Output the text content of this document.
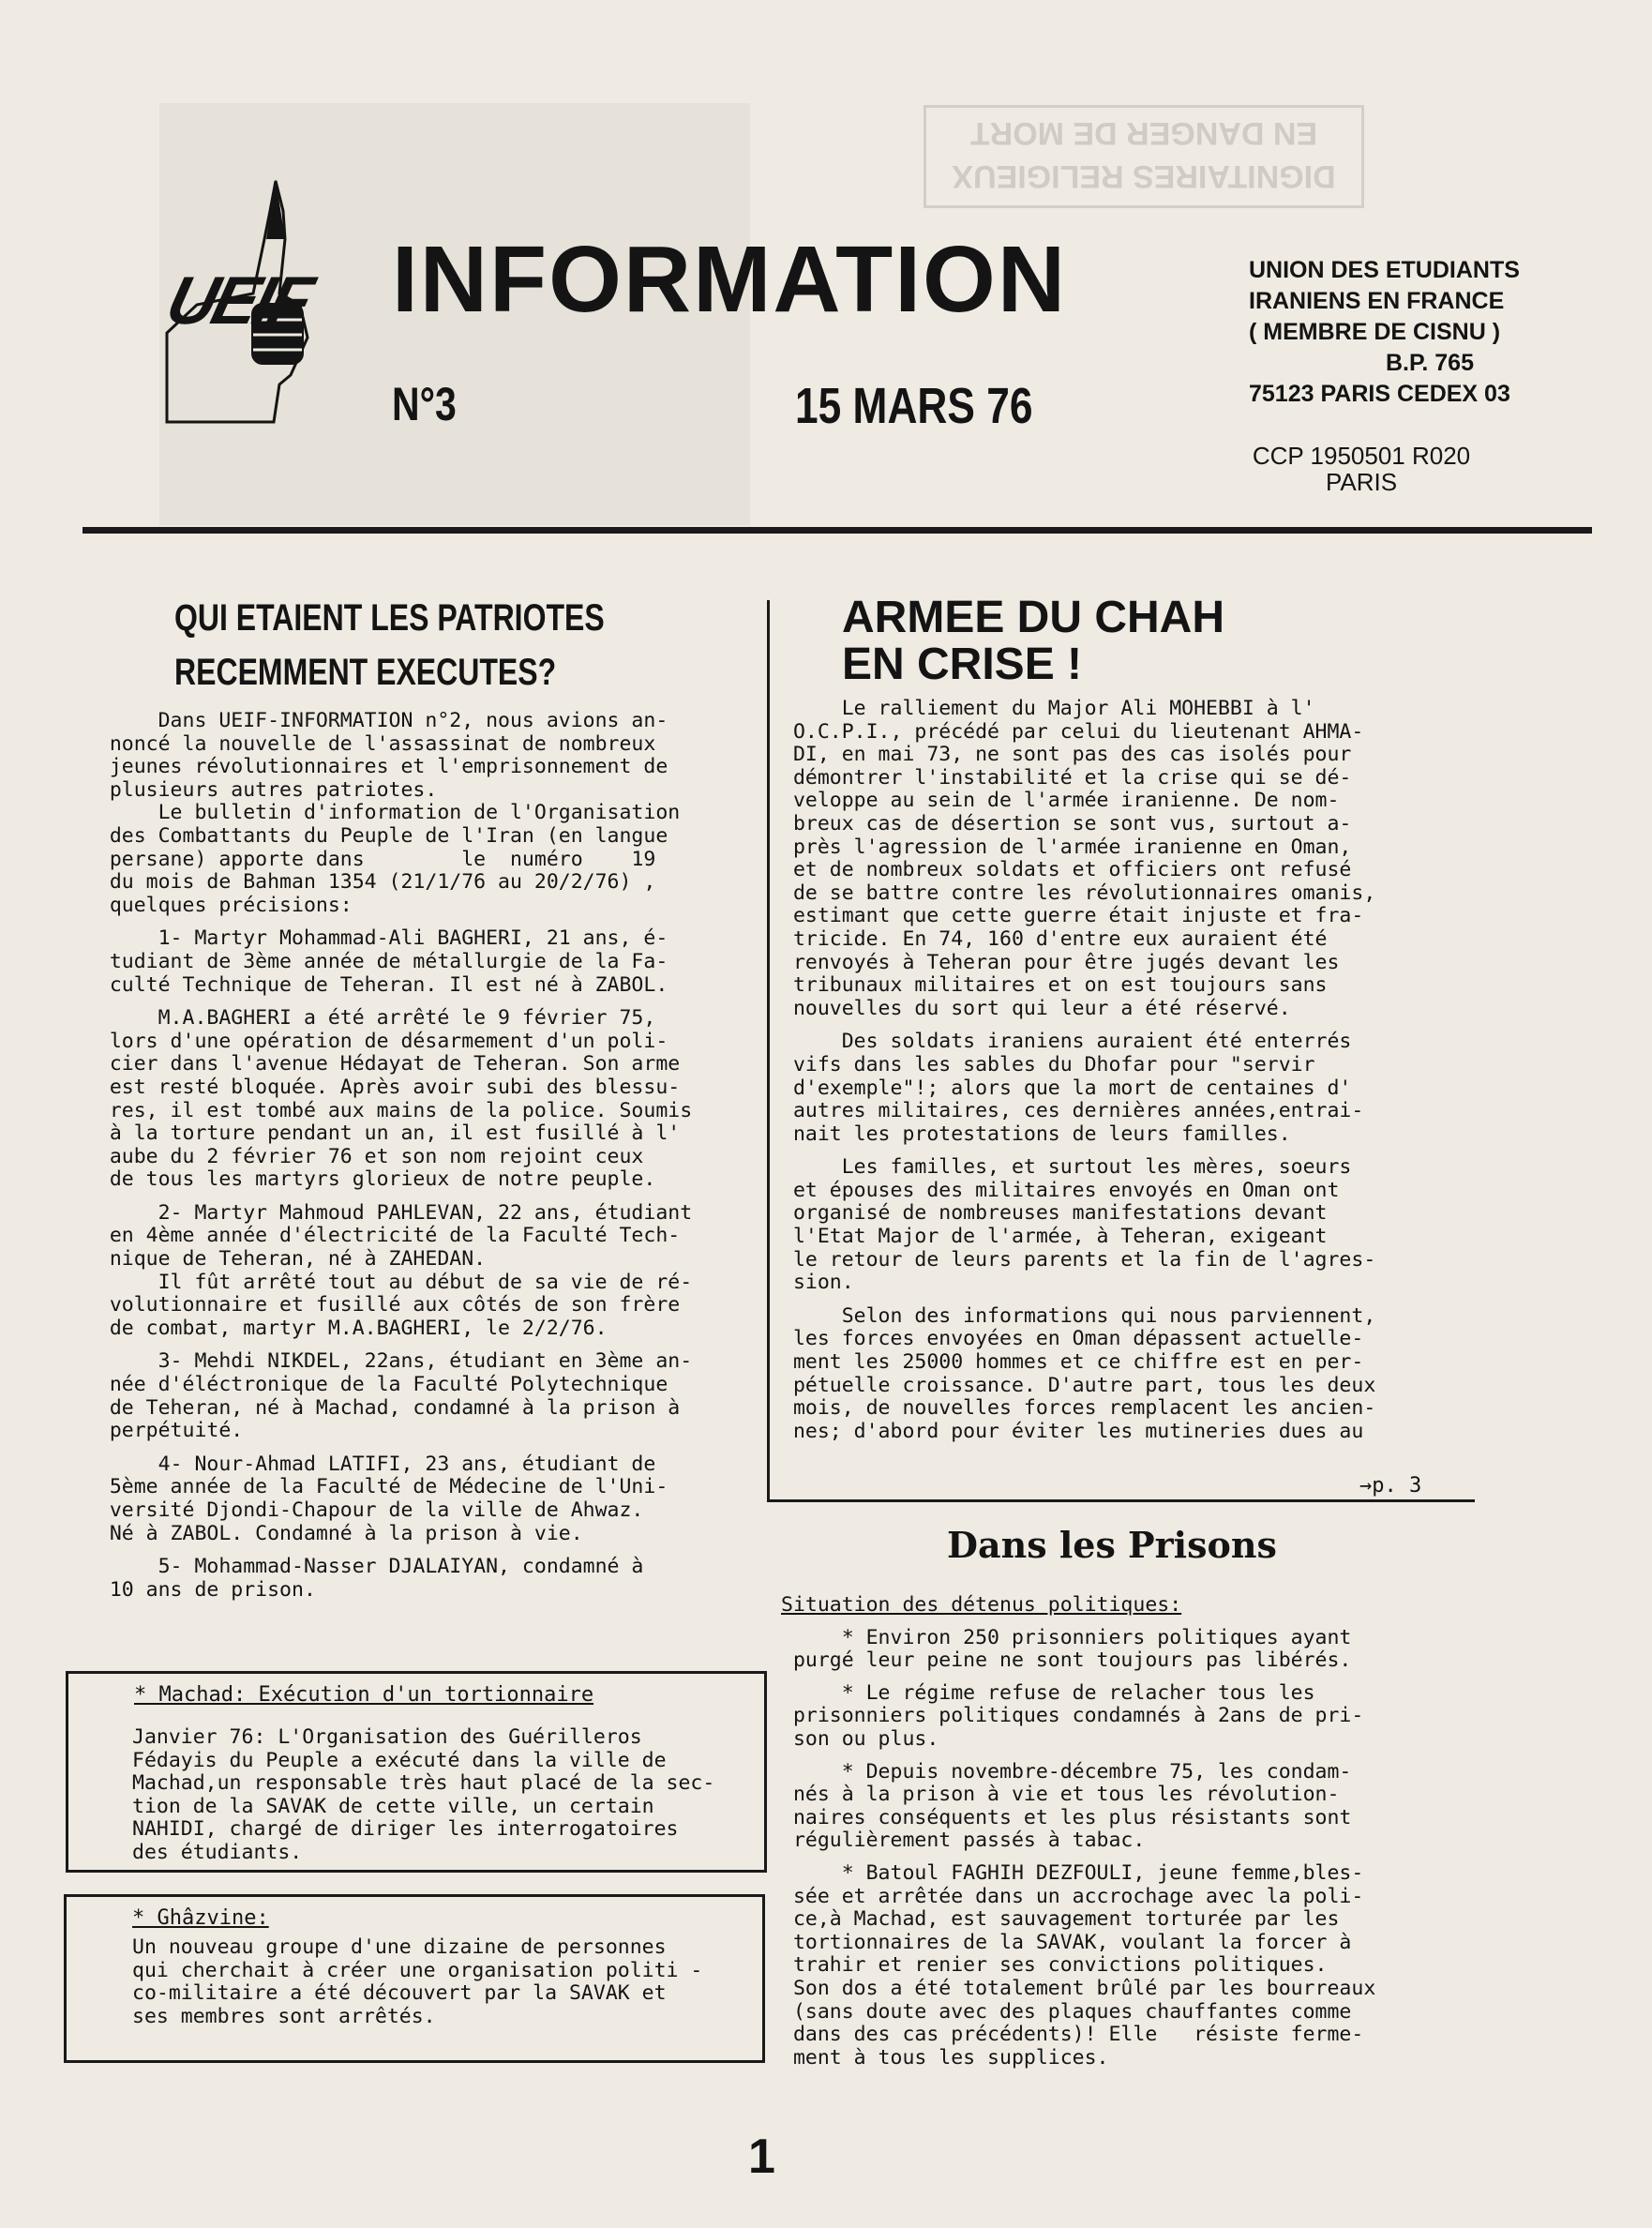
DIGNITAIRES RELIGIEUX
EN DANGER DE MORT
UEIF INFORMATION
N°3	15 MARS 76
UNION DES ETUDIANTS
IRANIENS EN FRANCE
( MEMBRE DE CISNU )
B.P. 765
75123 PARIS CEDEX 03
CCP 1950501 R020
PARIS
QUI ETAIENT LES PATRIOTES
RECEMMENT EXECUTES?

Dans UEIF-INFORMATION n°2, nous avions an-
noncé la nouvelle de l'assassinat de nombreux
jeunes révolutionnaires et l'emprisonnement de
plusieurs autres patriotes.
Le bulletin d'information de l'Organisation
des Combattants du Peuple de l'Iran (en langue
persane) apporte dans        le  numéro    19
du mois de Bahman 1354 (21/1/76 au 20/2/76) ,
quelques précisions:

1- Martyr Mohammad-Ali BAGHERI, 21 ans, é-
tudiant de 3ème année de métallurgie de la Fa-
culté Technique de Teheran. Il est né à ZABOL.

M.A.BAGHERI a été arrêté le 9 février 75,
lors d'une opération de désarmement d'un poli-
cier dans l'avenue Hédayat de Teheran. Son arme
est resté bloquée. Après avoir subi des blessu-
res, il est tombé aux mains de la police. Soumis
à la torture pendant un an, il est fusillé à l'
aube du 2 février 76 et son nom rejoint ceux
de tous les martyrs glorieux de notre peuple.

2- Martyr Mahmoud PAHLEVAN, 22 ans, étudiant
en 4ème année d'électricité de la Faculté Tech-
nique de Teheran, né à ZAHEDAN.
Il fût arrêté tout au début de sa vie de ré-
volutionnaire et fusillé aux côtés de son frère
de combat, martyr M.A.BAGHERI, le 2/2/76.

3- Mehdi NIKDEL, 22ans, étudiant en 3ème an-
née d'éléctronique de la Faculté Polytechnique
de Teheran, né à Machad, condamné à la prison à
perpétuité.

4- Nour-Ahmad LATIFI, 23 ans, étudiant de
5ème année de la Faculté de Médecine de l'Uni-
versité Djondi-Chapour de la ville de Ahwaz.
Né à ZABOL. Condamné à la prison à vie.

5- Mohammad-Nasser DJALAIYAN, condamné à
10 ans de prison.

* Machad: Exécution d'un tortionnaire
Janvier 76: L'Organisation des Guérilleros
Fédayis du Peuple a exécuté dans la ville de
Machad,un responsable très haut placé de la sec-
tion de la SAVAK de cette ville, un certain
NAHIDI, chargé de diriger les interrogatoires
des étudiants.
* Ghâzvine:
Un nouveau groupe d'une dizaine de personnes
qui cherchait à créer une organisation politi -
co-militaire a été découvert par la SAVAK et
ses membres sont arrêtés.
ARMEE DU CHAH
EN CRISE !

Le ralliement du Major Ali MOHEBBI à l'
O.C.P.I., précédé par celui du lieutenant AHMA-
DI, en mai 73, ne sont pas des cas isolés pour
démontrer l'instabilité et la crise qui se dé-
veloppe au sein de l'armée iranienne. De nom-
breux cas de désertion se sont vus, surtout a-
près l'agression de l'armée iranienne en Oman,
et de nombreux soldats et officiers ont refusé
de se battre contre les révolutionnaires omanis,
estimant que cette guerre était injuste et fra-
tricide. En 74, 160 d'entre eux auraient été
renvoyés à Teheran pour être jugés devant les
tribunaux militaires et on est toujours sans
nouvelles du sort qui leur a été réservé.

Des soldats iraniens auraient été enterrés
vifs dans les sables du Dhofar pour "servir
d'exemple"!; alors que la mort de centaines d'
autres militaires, ces dernières années,entrai-
nait les protestations de leurs familles.

Les familles, et surtout les mères, soeurs
et épouses des militaires envoyés en Oman ont
organisé de nombreuses manifestations devant
l'Etat Major de l'armée, à Teheran, exigeant
le retour de leurs parents et la fin de l'agres-
sion.

Selon des informations qui nous parviennent,
les forces envoyées en Oman dépassent actuelle-
ment les 25000 hommes et ce chiffre est en per-
pétuelle croissance. D'autre part, tous les deux
mois, de nouvelles forces remplacent les ancien-
nes; d'abord pour éviter les mutineries dues au

→p. 3
Dans les Prisons

Situation des détenus politiques:

* Environ 250 prisonniers politiques ayant
purgé leur peine ne sont toujours pas libérés.

* Le régime refuse de relacher tous les
prisonniers politiques condamnés à 2ans de pri-
son ou plus.

* Depuis novembre-décembre 75, les condam-
nés à la prison à vie et tous les révolution-
naires conséquents et les plus résistants sont
régulièrement passés à tabac.

* Batoul FAGHIH DEZFOULI, jeune femme,bles-
sée et arrêtée dans un accrochage avec la poli-
ce,à Machad, est sauvagement torturée par les
tortionnaires de la SAVAK, voulant la forcer à
trahir et renier ses convictions politiques.
Son dos a été totalement brûlé par les bourreaux
(sans doute avec des plaques chauffantes comme
dans des cas précédents)! Elle   résiste ferme-
ment à tous les supplices.

1
